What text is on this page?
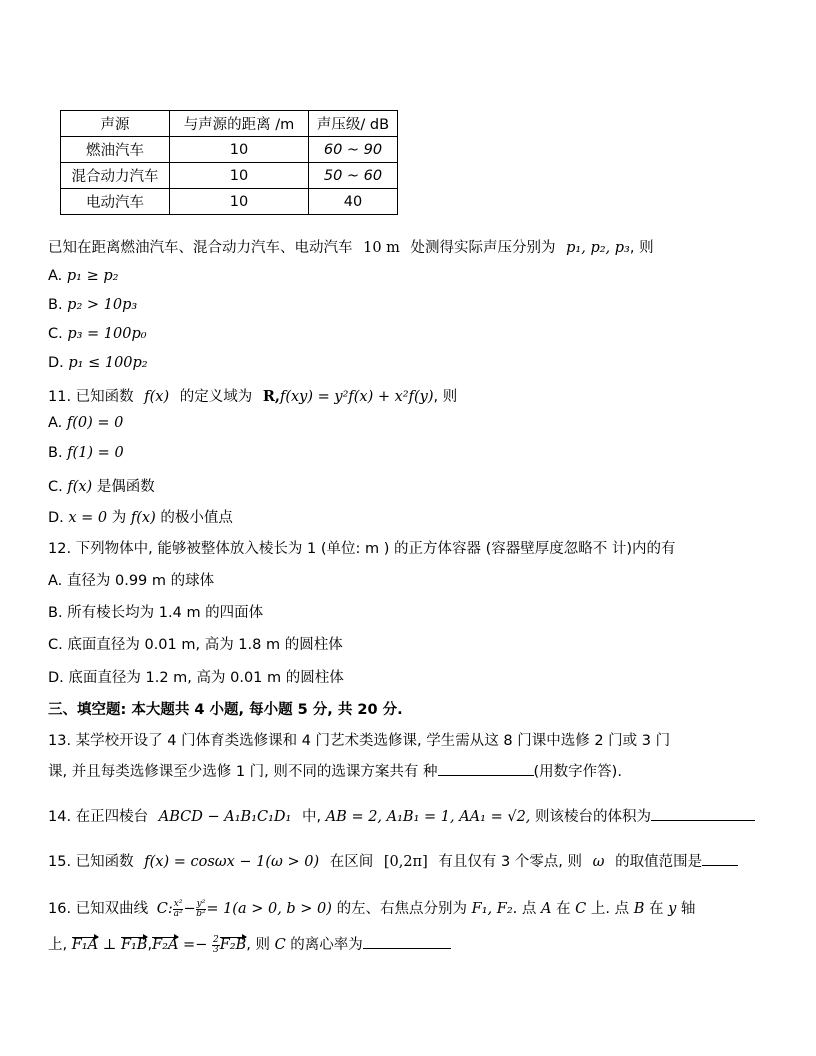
声源	与声源的距离 /m	声压级/ dB
燃油汽车	10	60 ~ 90
混合动力汽车	10	50 ~ 60
电动汽车	10	40
已知在距离燃油汽车、混合动力汽车、电动汽车 10 m 处测得实际声压分别为 p₁, p₂, p₃, 则
A. p₁ ≥ p₂
B. p₂ > 10p₃
C. p₃ = 100p₀
D. p₁ ≤ 100p₂
11. 已知函数 f(x) 的定义域为 R,f(xy) = y²f(x) + x²f(y), 则
A. f(0) = 0
B. f(1) = 0
C. f(x) 是偶函数
D. x = 0 为 f(x) 的极小值点
12. 下列物体中, 能够被整体放入棱长为 1 (单位: m ) 的正方体容器 (容器壁厚度忽略不 计)内的有
A. 直径为 0.99 m 的球体
B. 所有棱长均为 1.4 m 的四面体
C. 底面直径为 0.01 m, 高为 1.8 m 的圆柱体
D. 底面直径为 1.2 m, 高为 0.01 m 的圆柱体
三、填空题: 本大题共 4 小题, 每小题 5 分, 共 20 分.
13. 某学校开设了 4 门体育类选修课和 4 门艺术类选修课, 学生需从这 8 门课中选修 2 门或 3 门
课, 并且每类选修课至少选修 1 门, 则不同的选课方案共有 种	(用数字作答).
14. 在正四棱台 ABCD − A₁B₁C₁D₁ 中, AB = 2, A₁B₁ = 1, AA₁ = √2, 则该棱台的体积为
15. 已知函数 f(x) = cosωx − 1(ω > 0) 在区间 [0,2π] 有且仅有 3 个零点, 则 ω 的取值范围是
16. 已知双曲线 C: $\frac{\text{x²}}{\text{a²}} - \frac{\text{y²}}{\text{b²}} = 1(a > 0$, b > 0) 的左、右焦点分别为 F₁, F₂. 点 A 在 C 上. 点 B 在 y 轴
上, F₁A ⊥ $F_1B,F_2A =- \frac{2}{3} F_2B$, 则 C 的离心率为
